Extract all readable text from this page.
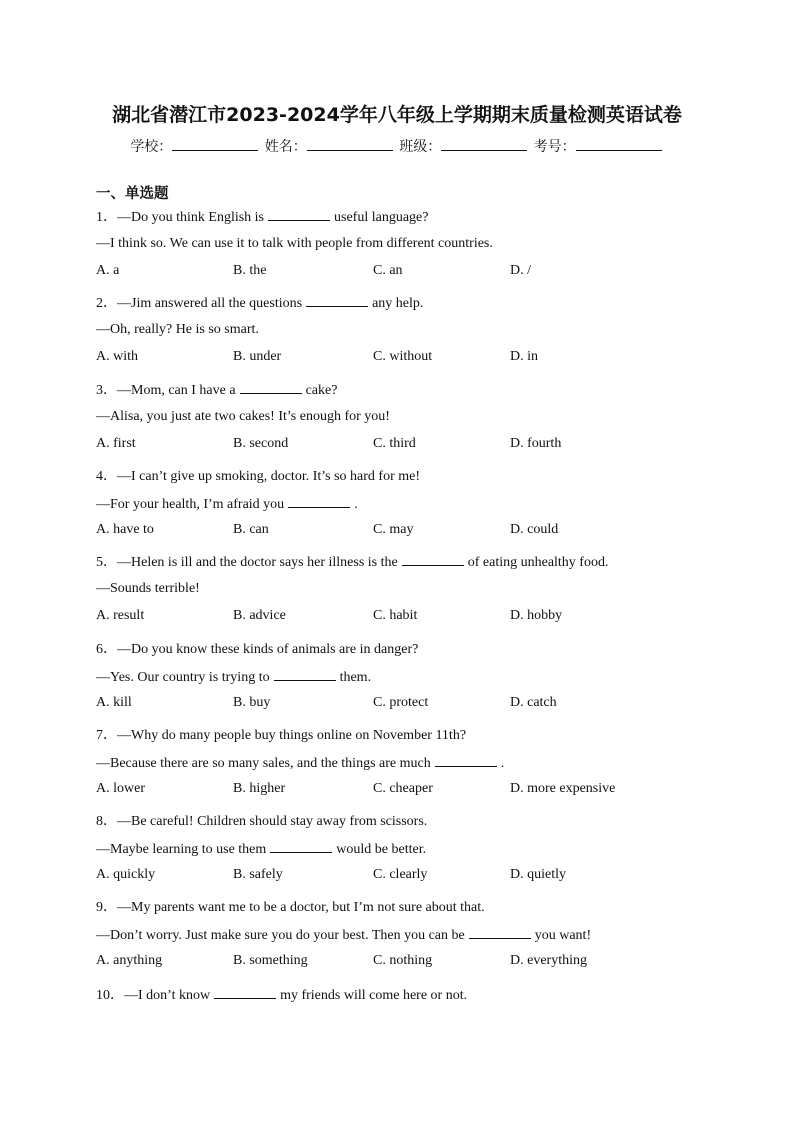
湖北省潜江市2023-2024学年八年级上学期期末质量检测英语试卷
学校：	姓名：	班级：	考号：
一、单选题
1．—Do you think English is	useful language?
—I think so. We can use it to talk with people from different countries.
A. a	B. the	C. an	D. /
2．—Jim answered all the questions	any help.
—Oh, really? He is so smart.
A. with	B. under	C. without	D. in
3．—Mom, can I have a	cake?
—Alisa, you just ate two cakes! It’s enough for you!
A. first	B. second	C. third	D. fourth
4．—I can’t give up smoking, doctor. It’s so hard for me!
—For your health, I’m afraid you	.
A. have to	B. can	C. may	D. could
5．—Helen is ill and the doctor says her illness is the	of eating unhealthy food.
—Sounds terrible!
A. result	B. advice	C. habit	D. hobby
6．—Do you know these kinds of animals are in danger?
—Yes. Our country is trying to	them.
A. kill	B. buy	C. protect	D. catch
7．—Why do many people buy things online on November 11th?
—Because there are so many sales, and the things are much	.
A. lower	B. higher	C. cheaper	D. more expensive
8．—Be careful! Children should stay away from scissors.
—Maybe learning to use them	would be better.
A. quickly	B. safely	C. clearly	D. quietly
9．—My parents want me to be a doctor, but I’m not sure about that.
—Don’t worry. Just make sure you do your best. Then you can be	you want!
A. anything	B. something	C. nothing	D. everything
10．—I don’t know	my friends will come here or not.
